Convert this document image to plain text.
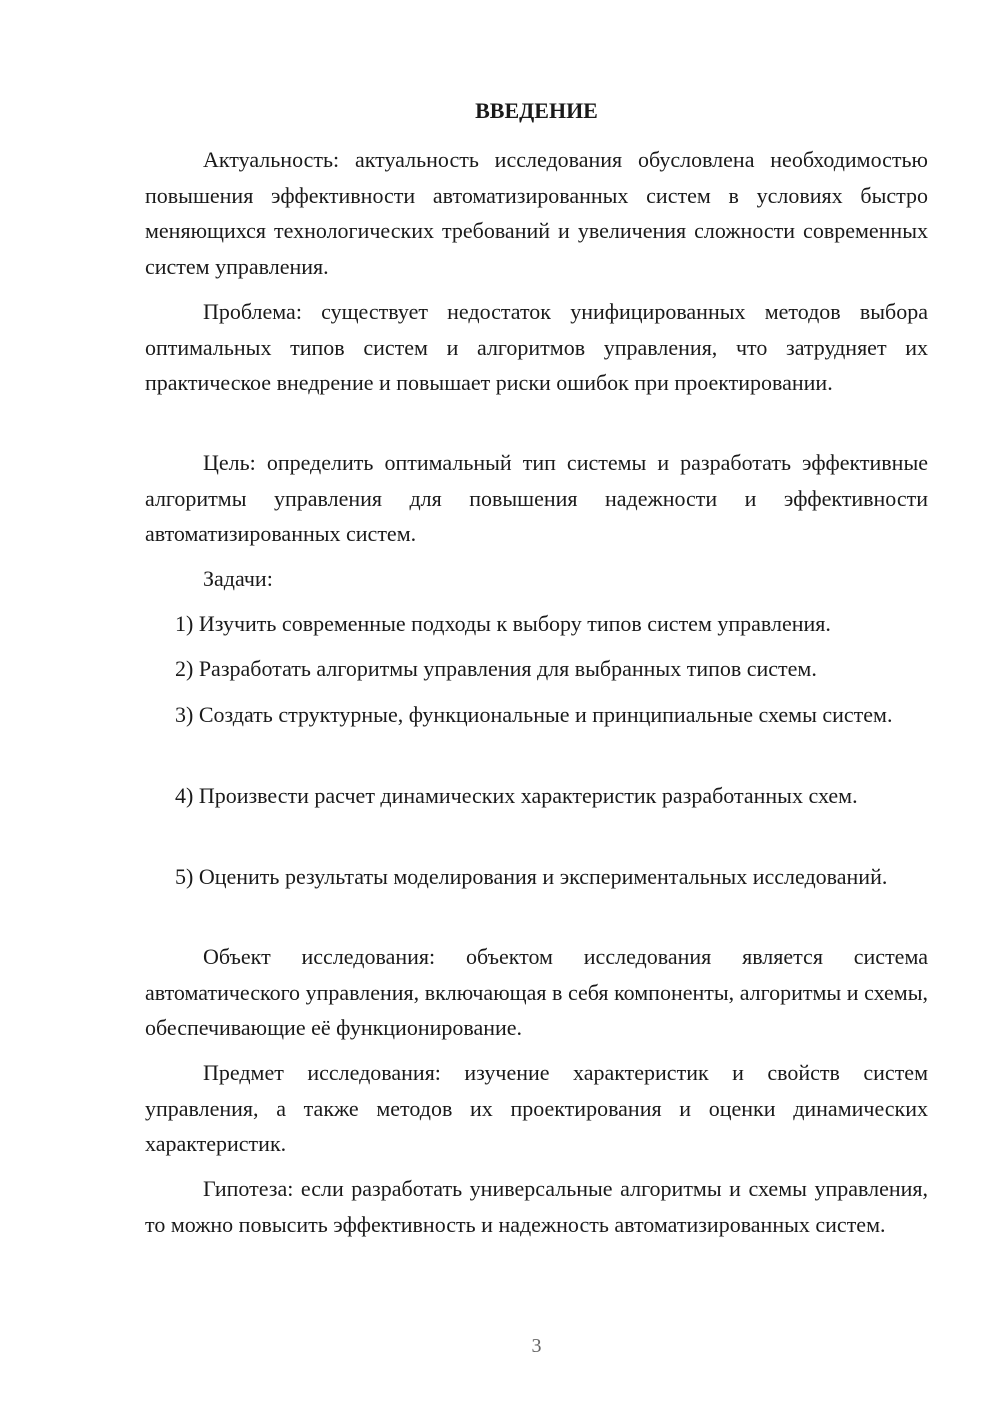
ВВЕДЕНИЕ

Актуальность: актуальность исследования обусловлена необходимостью повышения эффективности автоматизированных систем в условиях быстро меняющихся технологических требований и увеличения сложности современных систем управления.

Проблема: существует недостаток унифицированных методов выбора оптимальных типов систем и алгоритмов управления, что затрудняет их практическое внедрение и повышает риски ошибок при проектировании.

Цель: определить оптимальный тип системы и разработать эффективные алгоритмы управления для повышения надежности и эффективности автоматизированных систем.

Задачи:

1) Изучить современные подходы к выбору типов систем управления.

2) Разработать алгоритмы управления для выбранных типов систем.

3) Создать структурные, функциональные и принципиальные схемы систем.

4) Произвести расчет динамических характеристик разработанных схем.

5) Оценить результаты моделирования и экспериментальных исследований.

Объект исследования: объектом исследования является система автоматического управления, включающая в себя компоненты, алгоритмы и схемы, обеспечивающие её функционирование.

Предмет исследования: изучение характеристик и свойств систем управления, а также методов их проектирования и оценки динамических характеристик.

Гипотеза: если разработать универсальные алгоритмы и схемы управления, то можно повысить эффективность и надежность автоматизированных систем.

3
